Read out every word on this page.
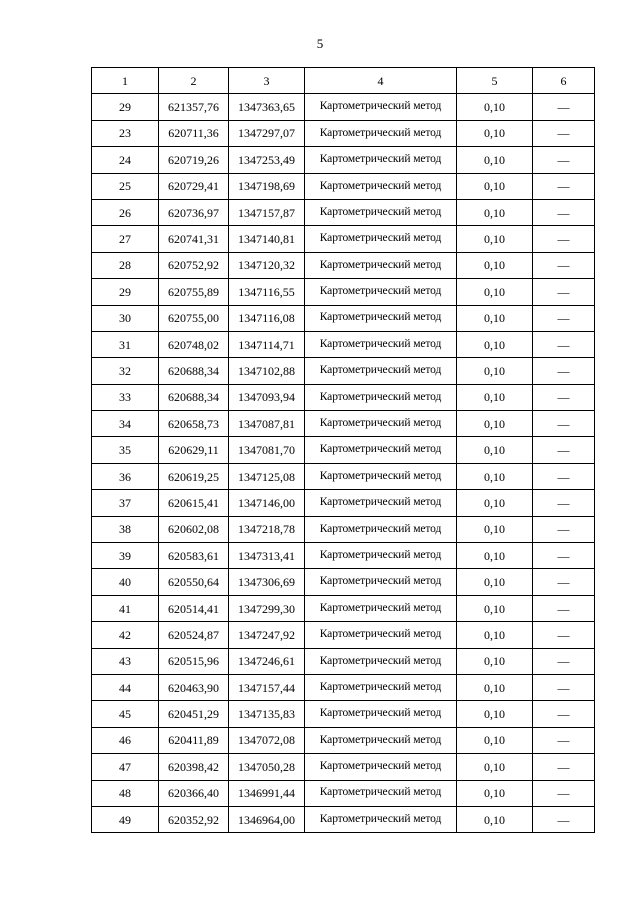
5
1	2	3	4	5	6
29	621357,76	1347363,65	Картометрический метод	0,10	—
23	620711,36	1347297,07	Картометрический метод	0,10	—
24	620719,26	1347253,49	Картометрический метод	0,10	—
25	620729,41	1347198,69	Картометрический метод	0,10	—
26	620736,97	1347157,87	Картометрический метод	0,10	—
27	620741,31	1347140,81	Картометрический метод	0,10	—
28	620752,92	1347120,32	Картометрический метод	0,10	—
29	620755,89	1347116,55	Картометрический метод	0,10	—
30	620755,00	1347116,08	Картометрический метод	0,10	—
31	620748,02	1347114,71	Картометрический метод	0,10	—
32	620688,34	1347102,88	Картометрический метод	0,10	—
33	620688,34	1347093,94	Картометрический метод	0,10	—
34	620658,73	1347087,81	Картометрический метод	0,10	—
35	620629,11	1347081,70	Картометрический метод	0,10	—
36	620619,25	1347125,08	Картометрический метод	0,10	—
37	620615,41	1347146,00	Картометрический метод	0,10	—
38	620602,08	1347218,78	Картометрический метод	0,10	—
39	620583,61	1347313,41	Картометрический метод	0,10	—
40	620550,64	1347306,69	Картометрический метод	0,10	—
41	620514,41	1347299,30	Картометрический метод	0,10	—
42	620524,87	1347247,92	Картометрический метод	0,10	—
43	620515,96	1347246,61	Картометрический метод	0,10	—
44	620463,90	1347157,44	Картометрический метод	0,10	—
45	620451,29	1347135,83	Картометрический метод	0,10	—
46	620411,89	1347072,08	Картометрический метод	0,10	—
47	620398,42	1347050,28	Картометрический метод	0,10	—
48	620366,40	1346991,44	Картометрический метод	0,10	—
49	620352,92	1346964,00	Картометрический метод	0,10	—
